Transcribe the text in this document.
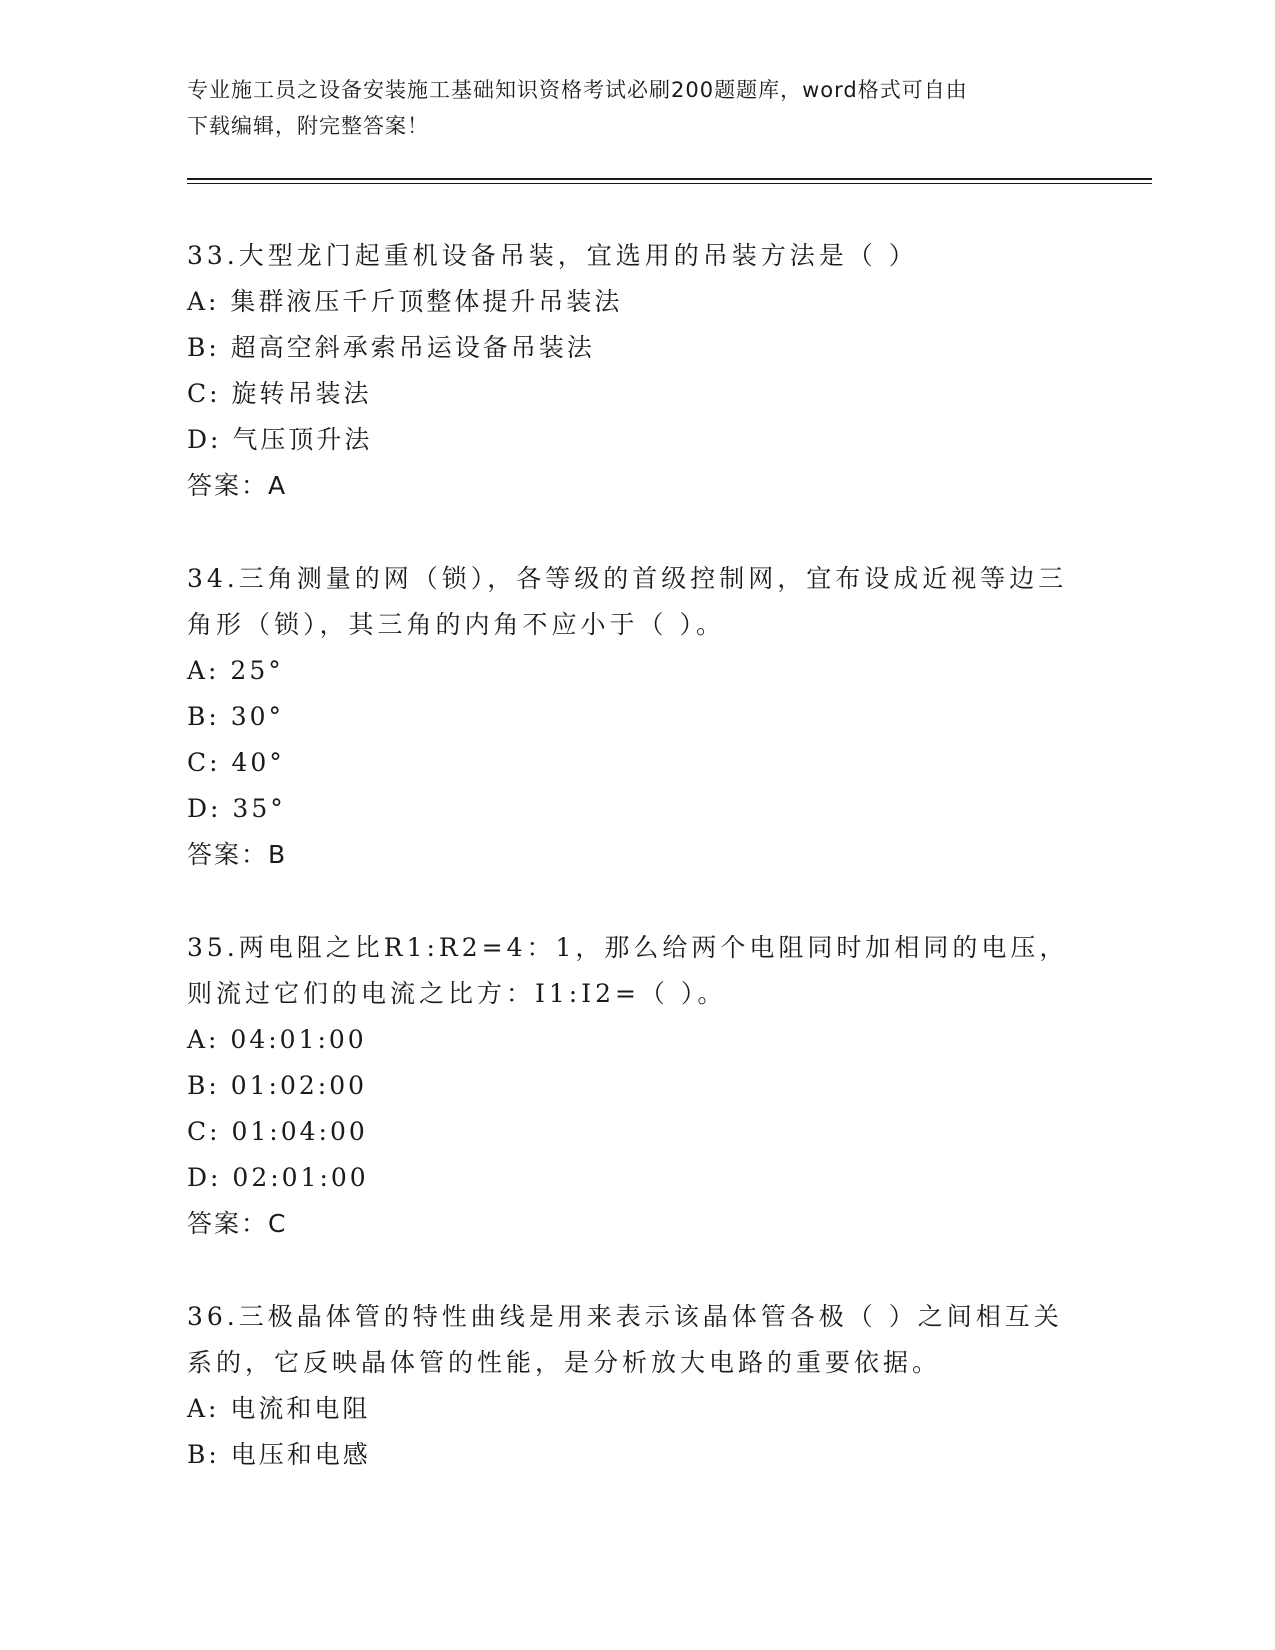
专业施工员之设备安装施工基础知识资格考试必刷200题题库，word格式可自由
下载编辑，附完整答案！

33.大型龙门起重机设备吊装，宜选用的吊装方法是（ ）

A: 集群液压千斤顶整体提升吊装法

B: 超高空斜承索吊运设备吊装法

C: 旋转吊装法

D: 气压顶升法

答案：A

34.三角测量的网（锁），各等级的首级控制网，宜布设成近视等边三角形（锁），其三角的内角不应小于（ ）。

A: 25°

B: 30°

C: 40°

D: 35°

答案：B

35.两电阻之比R1:R2=4：1，那么给两个电阻同时加相同的电压，则流过它们的电流之比方：I1:I2=（ ）。

A: 04:01:00

B: 01:02:00

C: 01:04:00

D: 02:01:00

答案：C

36.三极晶体管的特性曲线是用来表示该晶体管各极（ ）之间相互关系的，它反映晶体管的性能，是分析放大电路的重要依据。

A: 电流和电阻

B: 电压和电感
